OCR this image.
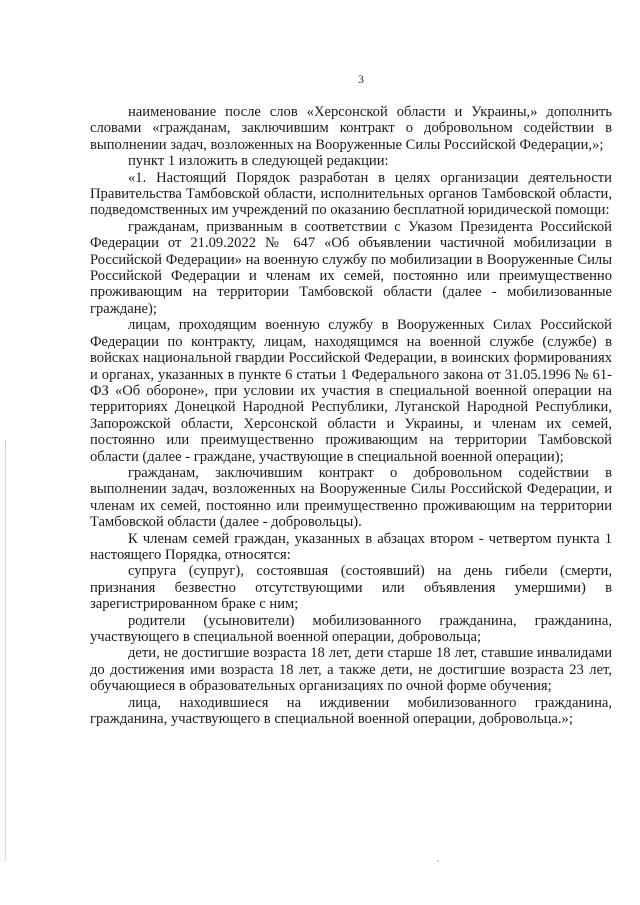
3

наименование после слов «Херсонской области и Украины,» дополнить словами «гражданам, заключившим контракт о добровольном содействии в выполнении задач, возложенных на Вооруженные Силы Российской Федерации,»;

пункт 1 изложить в следующей редакции:

«1. Настоящий Порядок разработан в целях организации деятельности Правительства Тамбовской области, исполнительных органов Тамбовской области, подведомственных им учреждений по оказанию бесплатной юридической помощи:

гражданам, призванным в соответствии с Указом Президента Российской Федерации от 21.09.2022 № 647 «Об объявлении частичной мобилизации в Российской Федерации» на военную службу по мобилизации в Вооруженные Силы Российской Федерации и членам их семей, постоянно или преимущественно проживающим на территории Тамбовской области (далее - мобилизованные граждане);

лицам, проходящим военную службу в Вооруженных Силах Российской Федерации по контракту, лицам, находящимся на военной службе (службе) в войсках национальной гвардии Российской Федерации, в воинских формированиях и органах, указанных в пункте 6 статьи 1 Федерального закона от 31.05.1996 № 61-ФЗ «Об обороне», при условии их участия в специальной военной операции на территориях Донецкой Народной Республики, Луганской Народной Республики, Запорожской области, Херсонской области и Украины, и членам их семей, постоянно или преимущественно проживающим на территории Тамбовской области (далее - граждане, участвующие в специальной военной операции);

гражданам, заключившим контракт о добровольном содействии в выполнении задач, возложенных на Вооруженные Силы Российской Федерации, и членам их семей, постоянно или преимущественно проживающим на территории Тамбовской области (далее - добровольцы).

К членам семей граждан, указанных в абзацах втором - четвертом пункта 1 настоящего Порядка, относятся:

супруга (супруг), состоявшая (состоявший) на день гибели (смерти, признания безвестно отсутствующими или объявления умершими) в зарегистрированном браке с ним;

родители (усыновители) мобилизованного гражданина, гражданина, участвующего в специальной военной операции, добровольца;

дети, не достигшие возраста 18 лет, дети старше 18 лет, ставшие инвалидами до достижения ими возраста 18 лет, а также дети, не достигшие возраста 23 лет, обучающиеся в образовательных организациях по очной форме обучения;

лица, находившиеся на иждивении мобилизованного гражданина, гражданина, участвующего в специальной военной операции, добровольца.»;
